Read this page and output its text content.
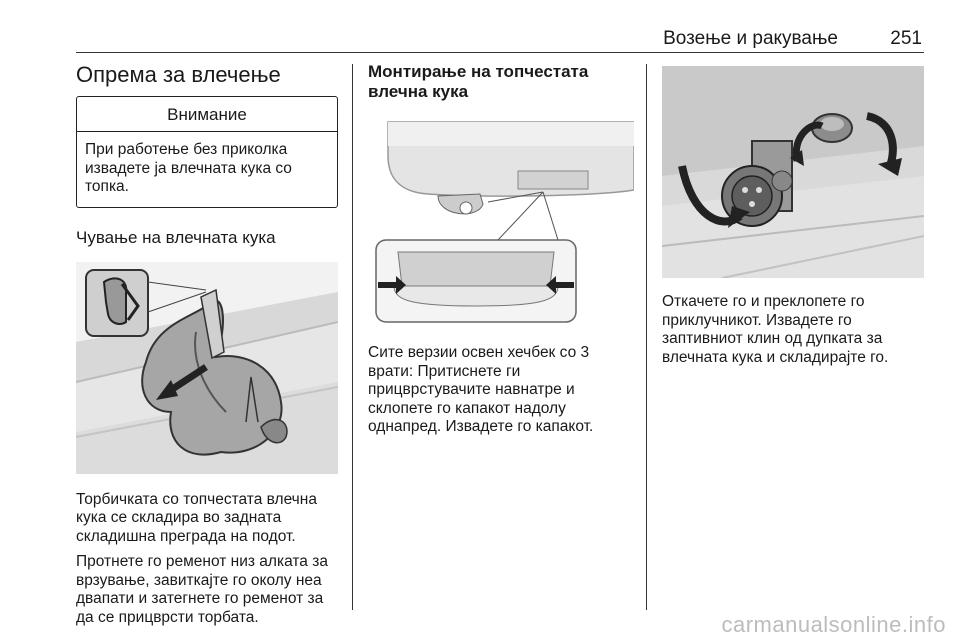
Возење и ракување	251
Опрема за влечење
Внимание

При работење без приколка извадете ја влечната кука со топка.

Чување на влечната кука

Торбичката со топчестата влечна кука се складира во задната складишна преграда на подот.

Протнете го ременот низ алката за врзување, завиткајте го околу неа двапати и затегнете го ременот за да се прицврсти торбата.

Монтирање на топчестата влечна кука

Сите верзии освен хечбек со 3 врати: Притиснете ги прицврстувачите навнатре и склопете го капакот надолу однапред. Извадете го капакот.

Откачете го и преклопете го приклучникот. Извадете го заптивниот клин од дупката за влечната кука и складирајте го.

carmanualsonline.info
